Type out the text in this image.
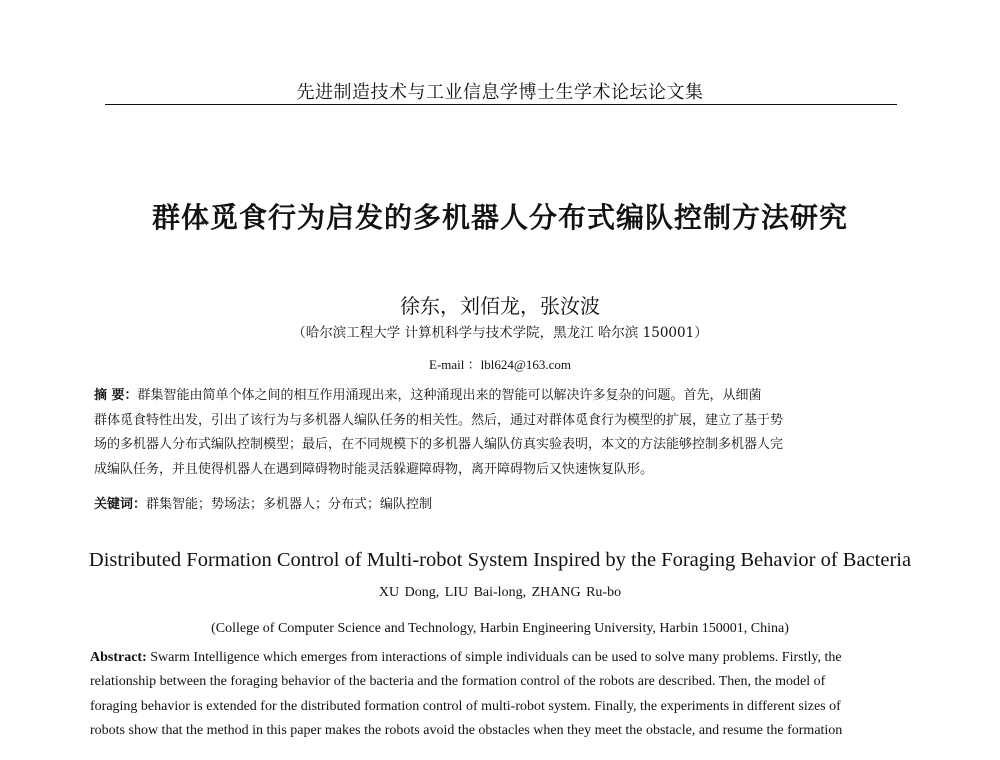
先进制造技术与工业信息学博士生学术论坛论文集
群体觅食行为启发的多机器人分布式编队控制方法研究
徐东，刘佰龙，张汝波
（哈尔滨工程大学 计算机科学与技术学院，黑龙江 哈尔滨 150001）
E-mail ：lbl624@163.com
摘 要：群集智能由简单个体之间的相互作用涌现出来，这种涌现出来的智能可以解决许多复杂的问题。首先，从细菌
群体觅食特性出发，引出了该行为与多机器人编队任务的相关性。然后，通过对群体觅食行为模型的扩展，建立了基于势
场的多机器人分布式编队控制模型；最后，在不同规模下的多机器人编队仿真实验表明，本文的方法能够控制多机器人完
成编队任务，并且使得机器人在遇到障碍物时能灵活躲避障碍物，离开障碍物后又快速恢复队形。
关键词：群集智能；势场法；多机器人；分布式；编队控制
Distributed Formation Control of Multi-robot System Inspired by the Foraging Behavior of Bacteria
XU Dong, LIU Bai-long, ZHANG Ru-bo
(College of Computer Science and Technology, Harbin Engineering University, Harbin 150001, China)
Abstract: Swarm Intelligence which emerges from interactions of simple individuals can be used to solve many problems. Firstly, the
relationship between the foraging behavior of the bacteria and the formation control of the robots are described. Then, the model of
foraging behavior is extended for the distributed formation control of multi-robot system. Finally, the experiments in different sizes of
robots show that the method in this paper makes the robots avoid the obstacles when they meet the obstacle, and resume the formation
